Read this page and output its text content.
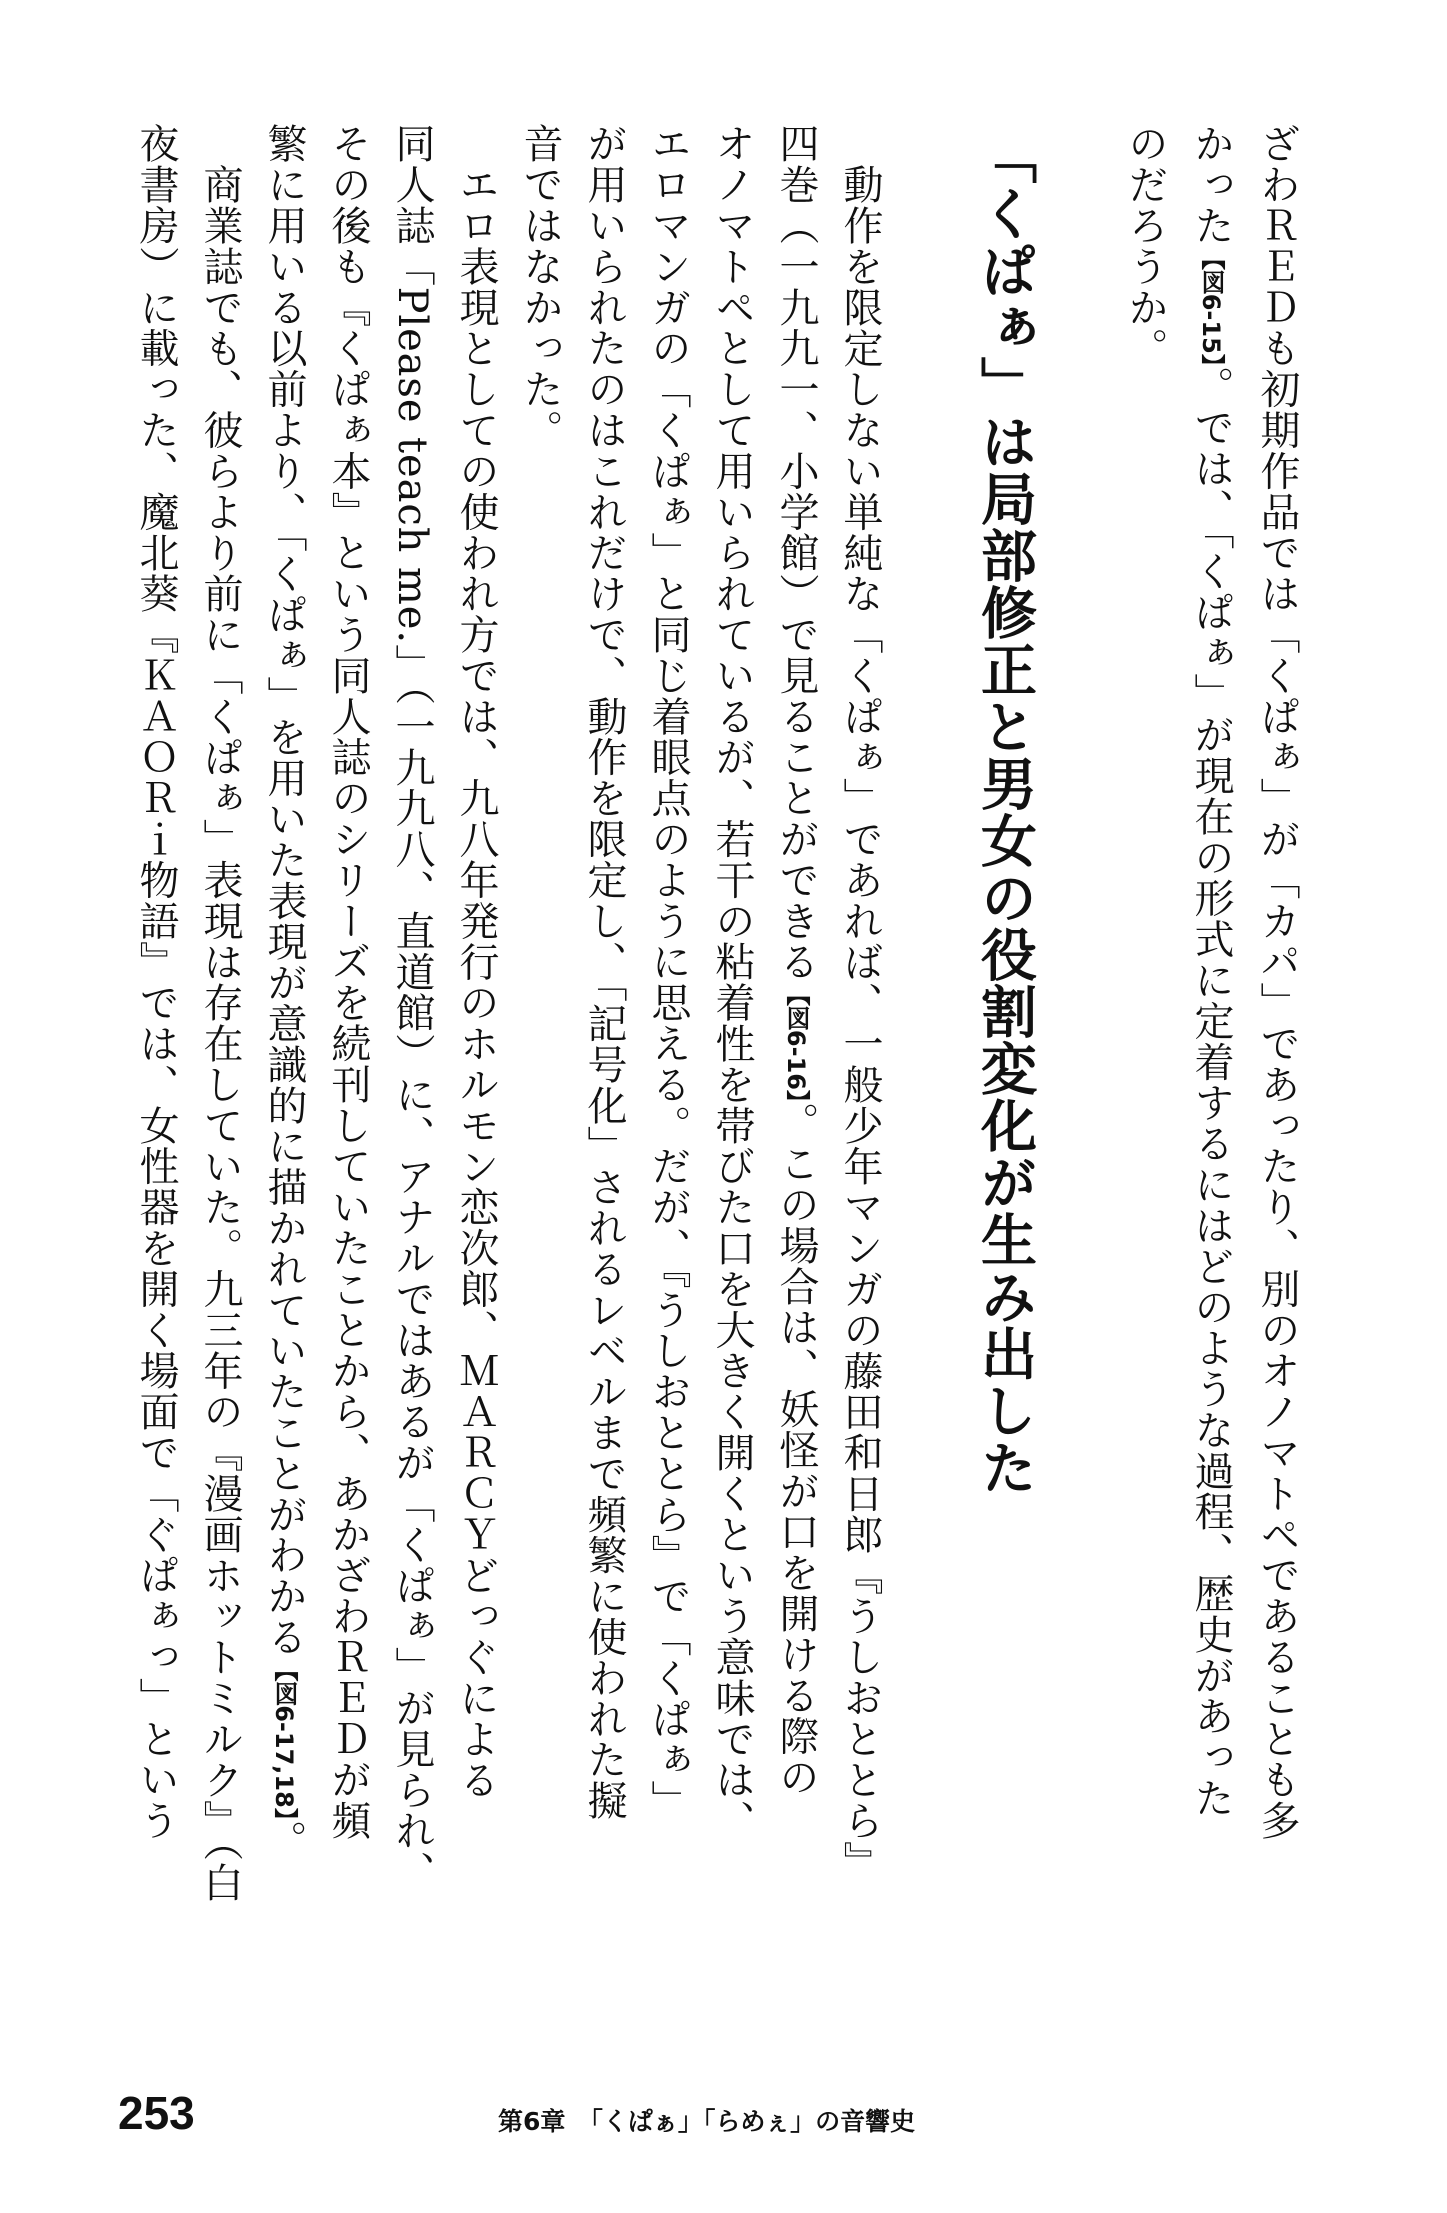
ざわＲＥＤも初期作品では「くぱぁ」が「カパ」であったり、別のオノマトペであることも多
かった【図6-15】。では、「くぱぁ」が現在の形式に定着するにはどのような過程、歴史があった
のだろうか。
「くぱぁ」は局部修正と男女の役割変化が生み出した
動作を限定しない単純な「くぱぁ」であれば、一般少年マンガの藤田和日郎『うしおととら』
四巻（一九九一、小学館）で見ることができる【図6-16】。この場合は、妖怪が口を開ける際の
オノマトペとして用いられているが、若干の粘着性を帯びた口を大きく開くという意味では、
エロマンガの「くぱぁ」と同じ着眼点のように思える。だが、『うしおととら』で「くぱぁ」
が用いられたのはこれだけで、動作を限定し、「記号化」されるレベルまで頻繁に使われた擬
音ではなかった。
エロ表現としての使われ方では、九八年発行のホルモン恋次郎、ＭＡＲＣＹどっぐによる
同人誌「Please teach me.」（一九九八、直道館）に、アナルではあるが「くぱぁ」が見られ、
その後も『くぱぁ本』という同人誌のシリーズを続刊していたことから、あかざわＲＥＤが頻
繁に用いる以前より、「くぱぁ」を用いた表現が意識的に描かれていたことがわかる【図6-17,18】。
商業誌でも、彼らより前に「くぱぁ」表現は存在していた。九三年の『漫画ホットミルク』（白
夜書房）に載った、魔北葵『ＫＡＯＲｉ物語』では、女性器を開く場面で「ぐぱぁっ」という
253	第6章　「くぱぁ」「らめぇ」の音響史
